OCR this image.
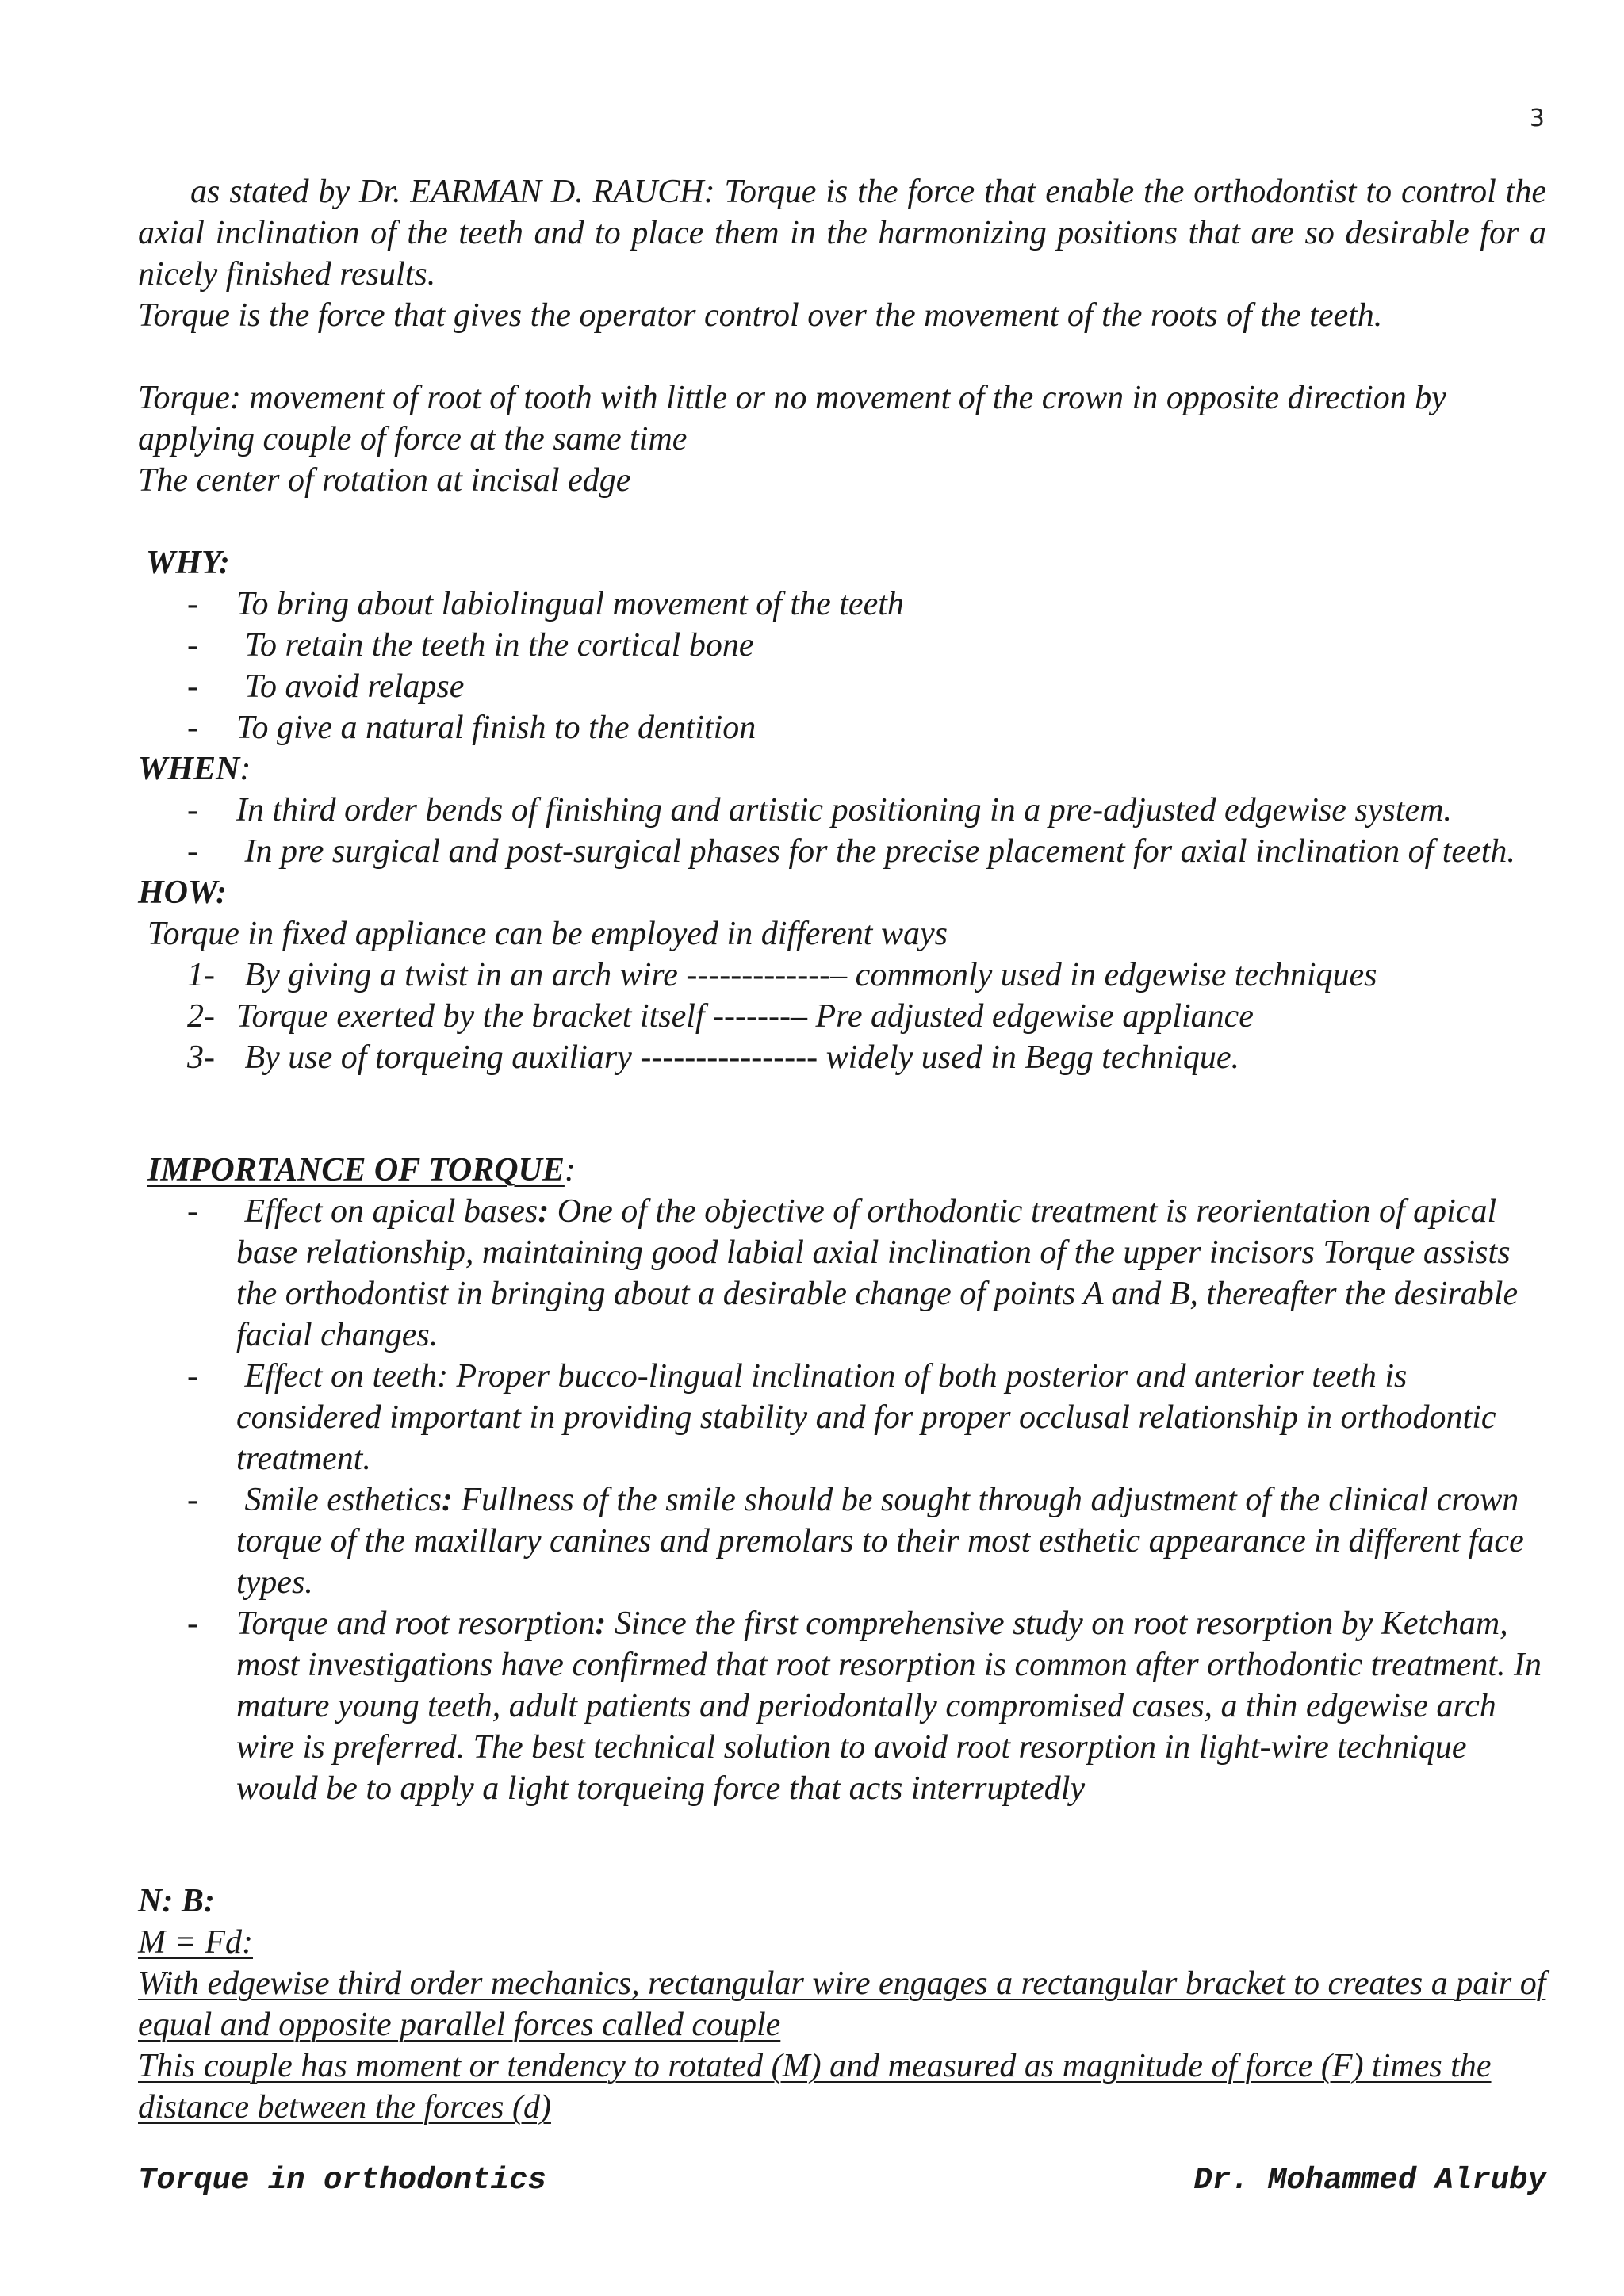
3

as stated by Dr. EARMAN D. RAUCH: Torque is the force that enable the orthodontist to control the axial inclination of the teeth and to place them in the harmonizing positions that are so desirable for a nicely finished results.

Torque is the force that gives the operator control over the movement of the roots of the teeth.

Torque: movement of root of tooth with little or no movement of the crown in opposite direction by applying couple of force at the same time

The center of rotation at incisal edge

WHY:

- To bring about labiolingual movement of the teeth
- To retain the teeth in the cortical bone
- To avoid relapse
- To give a natural finish to the dentition

WHEN:

- In third order bends of finishing and artistic positioning in a pre-adjusted edgewise system.
- In pre surgical and post-surgical phases for the precise placement for axial inclination of teeth.

HOW:

Torque in fixed appliance can be employed in different ways

1- By giving a twist in an arch wire -------------– commonly used in edgewise techniques
2- Torque exerted by the bracket itself -------– Pre adjusted edgewise appliance
3- By use of torqueing auxiliary ---------------- widely used in Begg technique.

IMPORTANCE OF TORQUE:

- Effect on apical bases: One of the objective of orthodontic treatment is reorientation of apical base relationship, maintaining good labial axial inclination of the upper incisors Torque assists the orthodontist in bringing about a desirable change of points A and B, thereafter the desirable facial changes.
- Effect on teeth: Proper bucco-lingual inclination of both posterior and anterior teeth is considered important in providing stability and for proper occlusal relationship in orthodontic treatment.
- Smile esthetics: Fullness of the smile should be sought through adjustment of the clinical crown torque of the maxillary canines and premolars to their most esthetic appearance in different face types.
- Torque and root resorption: Since the first comprehensive study on root resorption by Ketcham, most investigations have confirmed that root resorption is common after orthodontic treatment. In mature young teeth, adult patients and periodontally compromised cases, a thin edgewise arch wire is preferred. The best technical solution to avoid root resorption in light-wire technique would be to apply a light torqueing force that acts interruptedly

N: B:

M = Fd:

With edgewise third order mechanics, rectangular wire engages a rectangular bracket to creates a pair of equal and opposite parallel forces called couple

This couple has moment or tendency to rotated (M) and measured as magnitude of force (F) times the distance between the forces (d)

Torque in orthodontics	Dr. Mohammed Alruby
